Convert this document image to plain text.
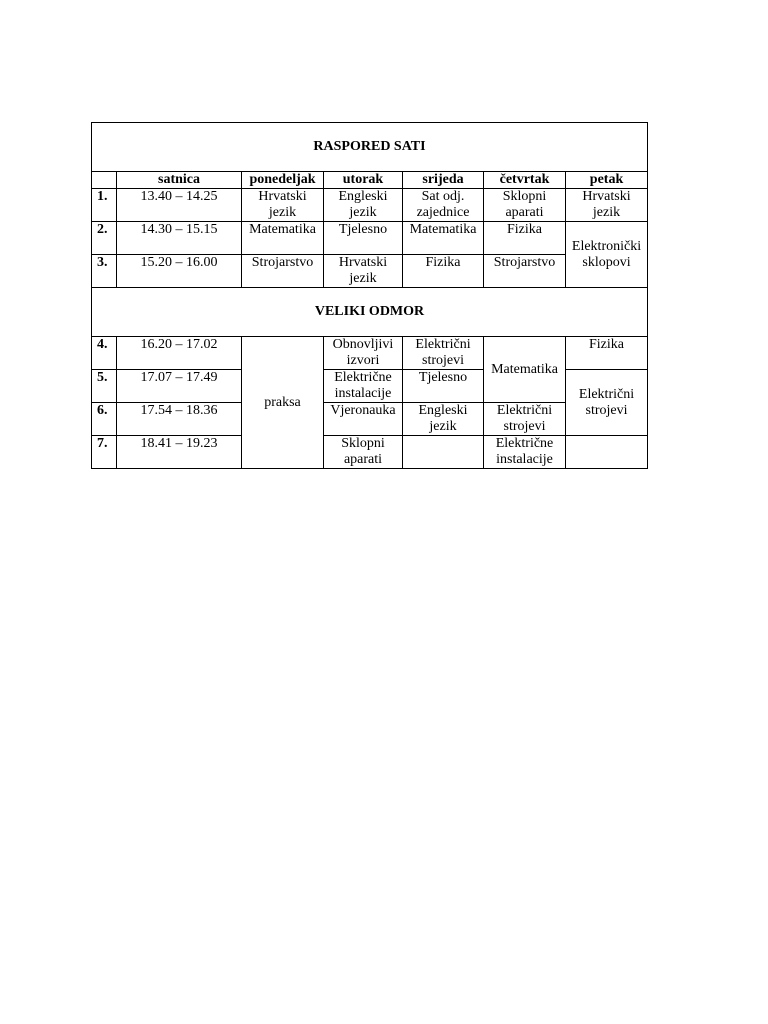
RASPORED SATI						
	satnica	ponedeljak	utorak	srijeda	četvrtak	petak
1.	13.40 – 14.25	Hrvatski jezik	Engleski jezik	Sat odj. zajednice	Sklopni aparati	Hrvatski jezik
2.	14.30 – 15.15	Matematika	Tjelesno	Matematika	Fizika	Elektronički sklopovi
3.	15.20 – 16.00	Strojarstvo	Hrvatski jezik	Fizika	Strojarstvo	
VELIKI ODMOR						
4.	16.20 – 17.02	praksa	Obnovljivi izvori	Električni strojevi	Matematika	Fizika
5.	17.07 – 17.49		Električne instalacije	Tjelesno		Električni strojevi
6.	17.54 – 18.36		Vjeronauka	Engleski jezik	Električni strojevi	
7.	18.41 – 19.23		Sklopni aparati		Električne instalacije	
